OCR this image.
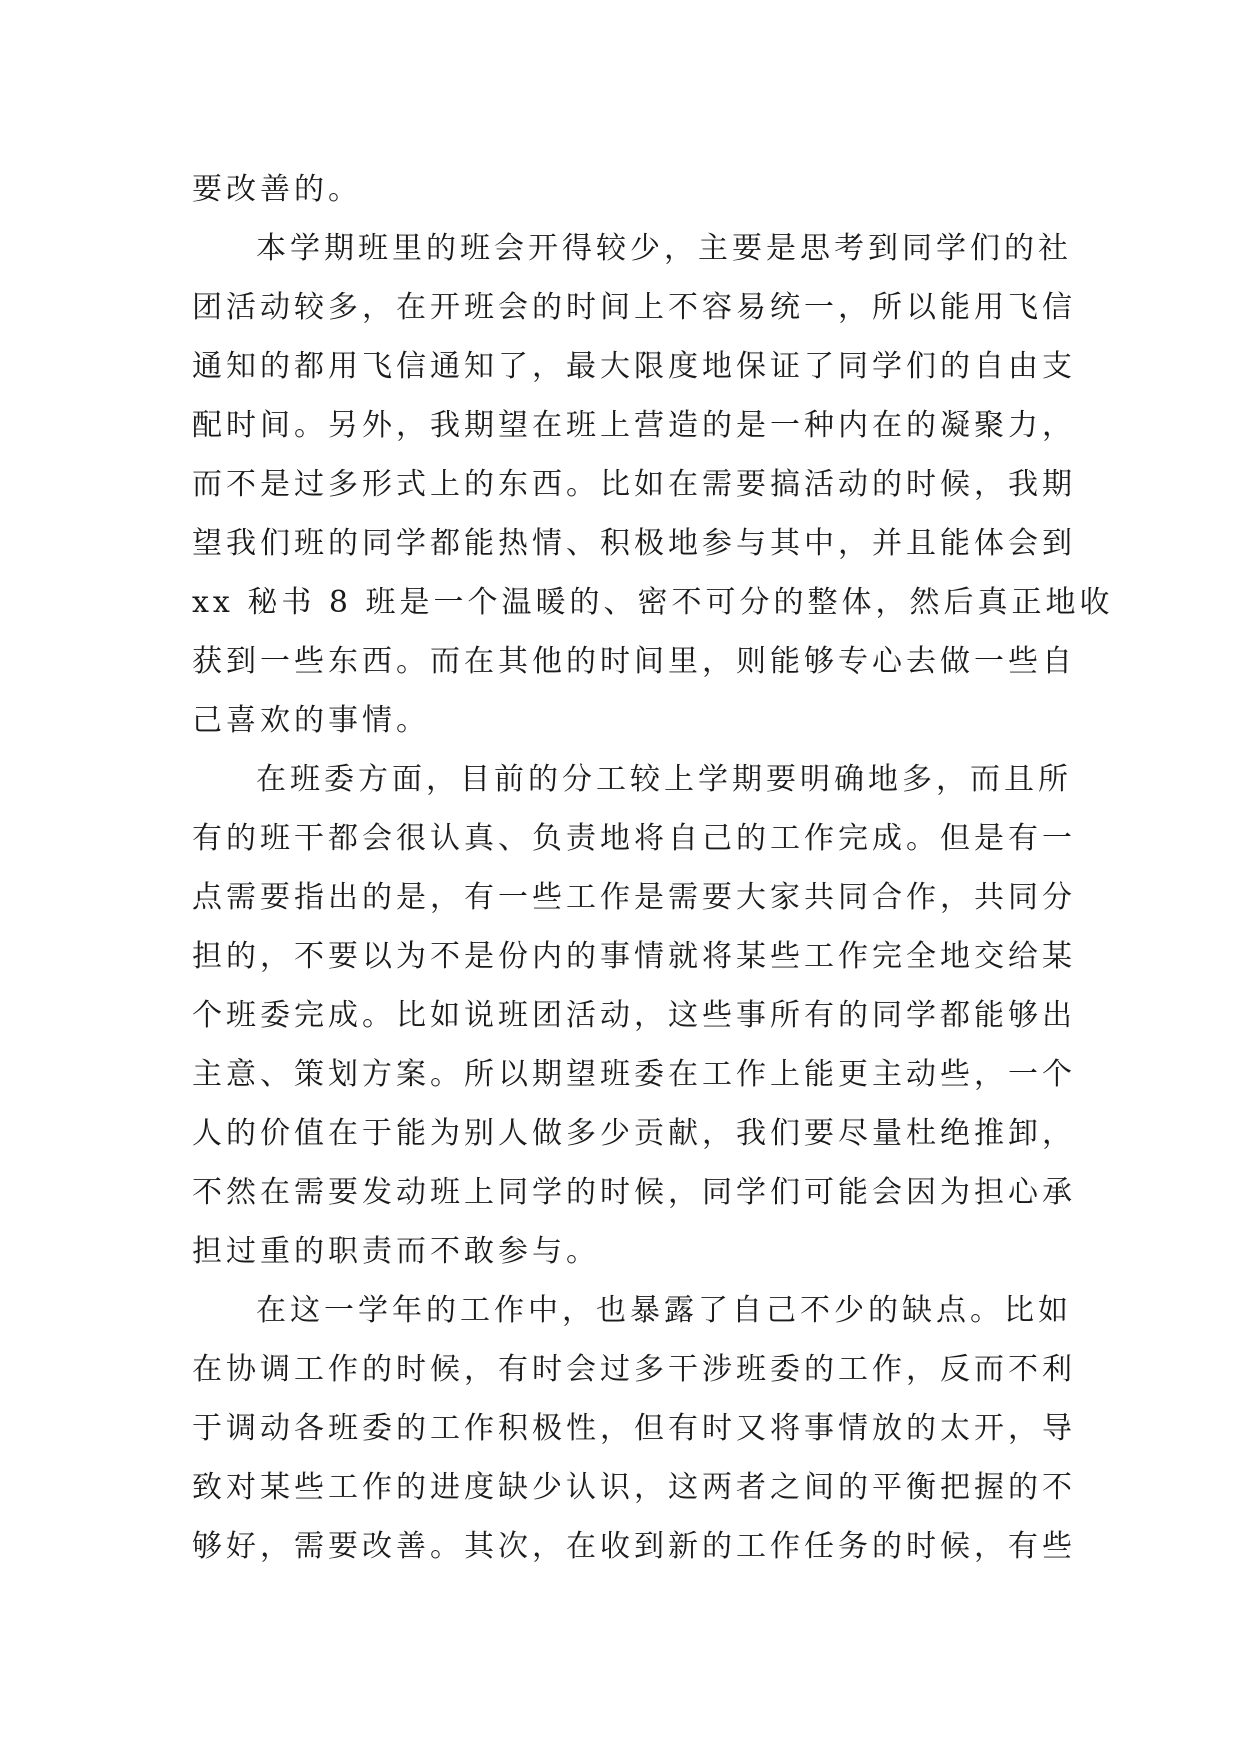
要改善的。
本学期班里的班会开得较少，主要是思考到同学们的社
团活动较多，在开班会的时间上不容易统一，所以能用飞信
通知的都用飞信通知了，最大限度地保证了同学们的自由支
配时间。另外，我期望在班上营造的是一种内在的凝聚力，
而不是过多形式上的东西。比如在需要搞活动的时候，我期
望我们班的同学都能热情、积极地参与其中，并且能体会到
xx 秘书 8 班是一个温暖的、密不可分的整体，然后真正地收
获到一些东西。而在其他的时间里，则能够专心去做一些自
己喜欢的事情。
在班委方面，目前的分工较上学期要明确地多，而且所
有的班干都会很认真、负责地将自己的工作完成。但是有一
点需要指出的是，有一些工作是需要大家共同合作，共同分
担的，不要以为不是份内的事情就将某些工作完全地交给某
个班委完成。比如说班团活动，这些事所有的同学都能够出
主意、策划方案。所以期望班委在工作上能更主动些，一个
人的价值在于能为别人做多少贡献，我们要尽量杜绝推卸，
不然在需要发动班上同学的时候，同学们可能会因为担心承
担过重的职责而不敢参与。
在这一学年的工作中，也暴露了自己不少的缺点。比如
在协调工作的时候，有时会过多干涉班委的工作，反而不利
于调动各班委的工作积极性，但有时又将事情放的太开，导
致对某些工作的进度缺少认识，这两者之间的平衡把握的不
够好，需要改善。其次，在收到新的工作任务的时候，有些
